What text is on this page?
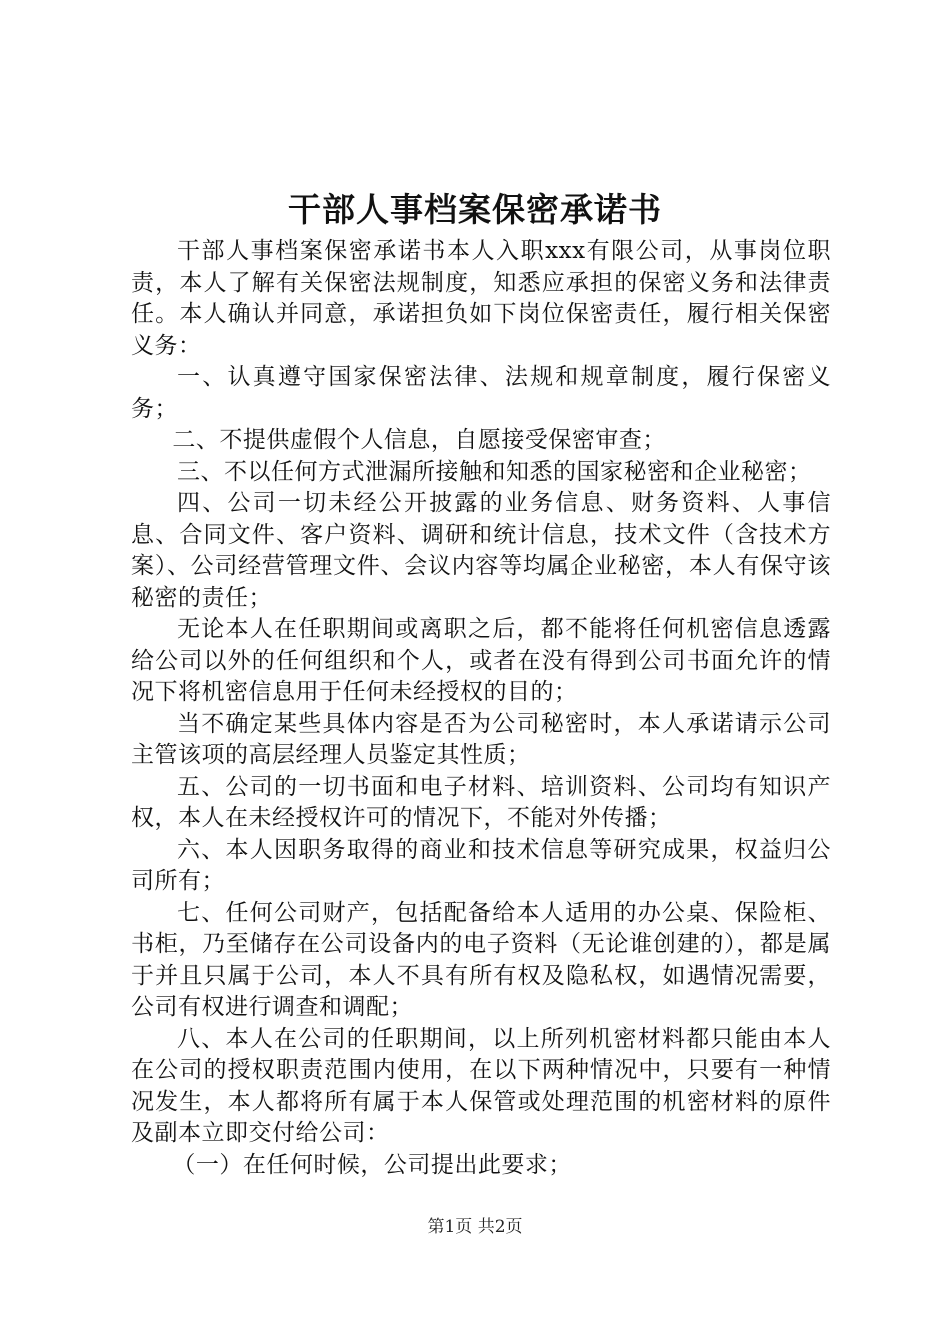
干部人事档案保密承诺书

干部人事档案保密承诺书本人入职xxx有限公司，从事岗位职责，本人了解有关保密法规制度，知悉应承担的保密义务和法律责任。本人确认并同意，承诺担负如下岗位保密责任，履行相关保密义务：

一、认真遵守国家保密法律、法规和规章制度，履行保密义务；

二、不提供虚假个人信息，自愿接受保密审查；

三、不以任何方式泄漏所接触和知悉的国家秘密和企业秘密；

四、公司一切未经公开披露的业务信息、财务资料、人事信息、合同文件、客户资料、调研和统计信息，技术文件（含技术方案）、公司经营管理文件、会议内容等均属企业秘密，本人有保守该秘密的责任；

无论本人在任职期间或离职之后，都不能将任何机密信息透露给公司以外的任何组织和个人，或者在没有得到公司书面允许的情况下将机密信息用于任何未经授权的目的；

当不确定某些具体内容是否为公司秘密时，本人承诺请示公司主管该项的高层经理人员鉴定其性质；

五、公司的一切书面和电子材料、培训资料、公司均有知识产权，本人在未经授权许可的情况下，不能对外传播；

六、本人因职务取得的商业和技术信息等研究成果，权益归公司所有；

七、任何公司财产，包括配备给本人适用的办公桌、保险柜、书柜，乃至储存在公司设备内的电子资料（无论谁创建的），都是属于并且只属于公司，本人不具有所有权及隐私权，如遇情况需要，公司有权进行调查和调配；

八、本人在公司的任职期间，以上所列机密材料都只能由本人在公司的授权职责范围内使用，在以下两种情况中，只要有一种情况发生，本人都将所有属于本人保管或处理范围的机密材料的原件及副本立即交付给公司：

（一）在任何时候，公司提出此要求；

第1页 共2页
